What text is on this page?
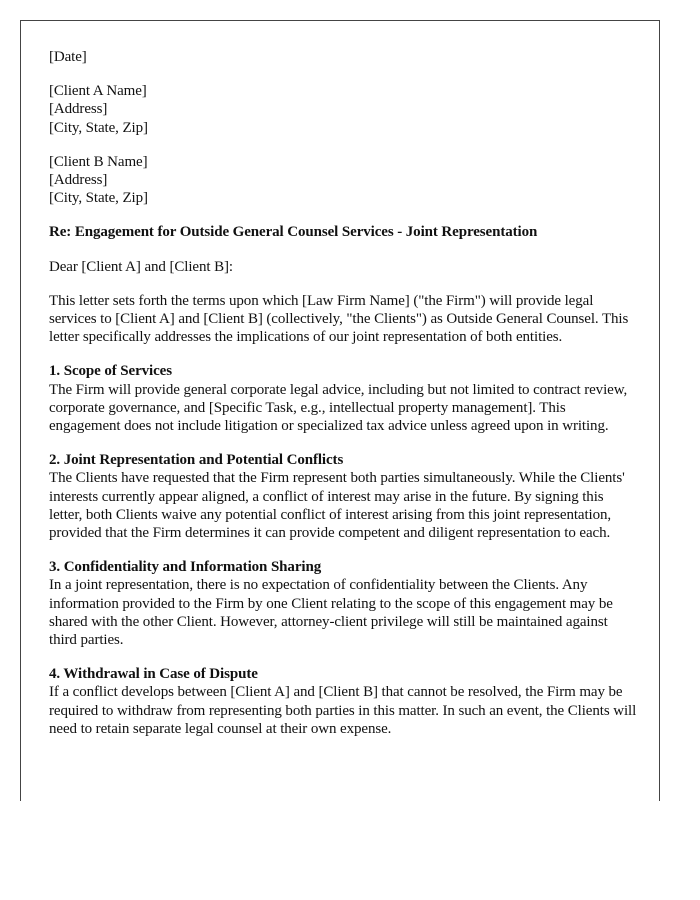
[Date]
[Client A Name]
[Address]
[City, State, Zip]
[Client B Name]
[Address]
[City, State, Zip]
Re: Engagement for Outside General Counsel Services - Joint Representation
Dear [Client A] and [Client B]:
This letter sets forth the terms upon which [Law Firm Name] ("the Firm") will provide legal services to [Client A] and [Client B] (collectively, "the Clients") as Outside General Counsel. This letter specifically addresses the implications of our joint representation of both entities.
1. Scope of Services
The Firm will provide general corporate legal advice, including but not limited to contract review, corporate governance, and [Specific Task, e.g., intellectual property management]. This engagement does not include litigation or specialized tax advice unless agreed upon in writing.
2. Joint Representation and Potential Conflicts
The Clients have requested that the Firm represent both parties simultaneously. While the Clients' interests currently appear aligned, a conflict of interest may arise in the future. By signing this letter, both Clients waive any potential conflict of interest arising from this joint representation, provided that the Firm determines it can provide competent and diligent representation to each.
3. Confidentiality and Information Sharing
In a joint representation, there is no expectation of confidentiality between the Clients. Any information provided to the Firm by one Client relating to the scope of this engagement may be shared with the other Client. However, attorney-client privilege will still be maintained against third parties.
4. Withdrawal in Case of Dispute
If a conflict develops between [Client A] and [Client B] that cannot be resolved, the Firm may be required to withdraw from representing both parties in this matter. In such an event, the Clients will need to retain separate legal counsel at their own expense.
